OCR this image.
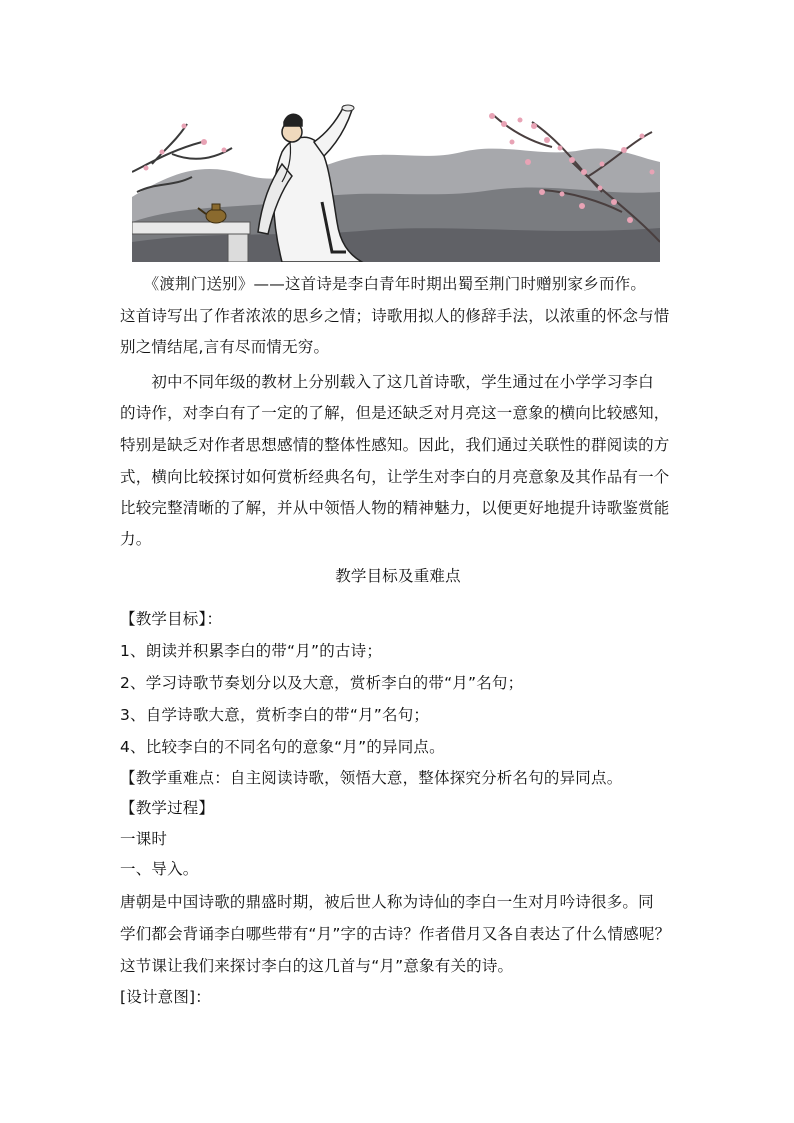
　　《渡荆门送别》——这首诗是李白青年时期出蜀至荆门时赠别家乡而作。
这首诗写出了作者浓浓的思乡之情；诗歌用拟人的修辞手法，以浓重的怀念与惜
别之情结尾,言有尽而情无穷。
　　初中不同年级的教材上分别载入了这几首诗歌，学生通过在小学学习李白
的诗作，对李白有了一定的了解，但是还缺乏对月亮这一意象的横向比较感知，
特别是缺乏对作者思想感情的整体性感知。因此，我们通过关联性的群阅读的方
式，横向比较探讨如何赏析经典名句，让学生对李白的月亮意象及其作品有一个
比较完整清晰的了解，并从中领悟人物的精神魅力，以便更好地提升诗歌鉴赏能
力。
教学目标及重难点
【教学目标】：
1、朗读并积累李白的带“月”的古诗；
2、学习诗歌节奏划分以及大意，赏析李白的带“月”名句；
3、自学诗歌大意，赏析李白的带“月”名句；
4、比较李白的不同名句的意象“月”的异同点。
【教学重难点：自主阅读诗歌，领悟大意，整体探究分析名句的异同点。
【教学过程】
一课时
一、导入。
唐朝是中国诗歌的鼎盛时期，被后世人称为诗仙的李白一生对月吟诗很多。同
学们都会背诵李白哪些带有“月”字的古诗？作者借月又各自表达了什么情感呢？
这节课让我们来探讨李白的这几首与“月”意象有关的诗。
[设计意图]：
